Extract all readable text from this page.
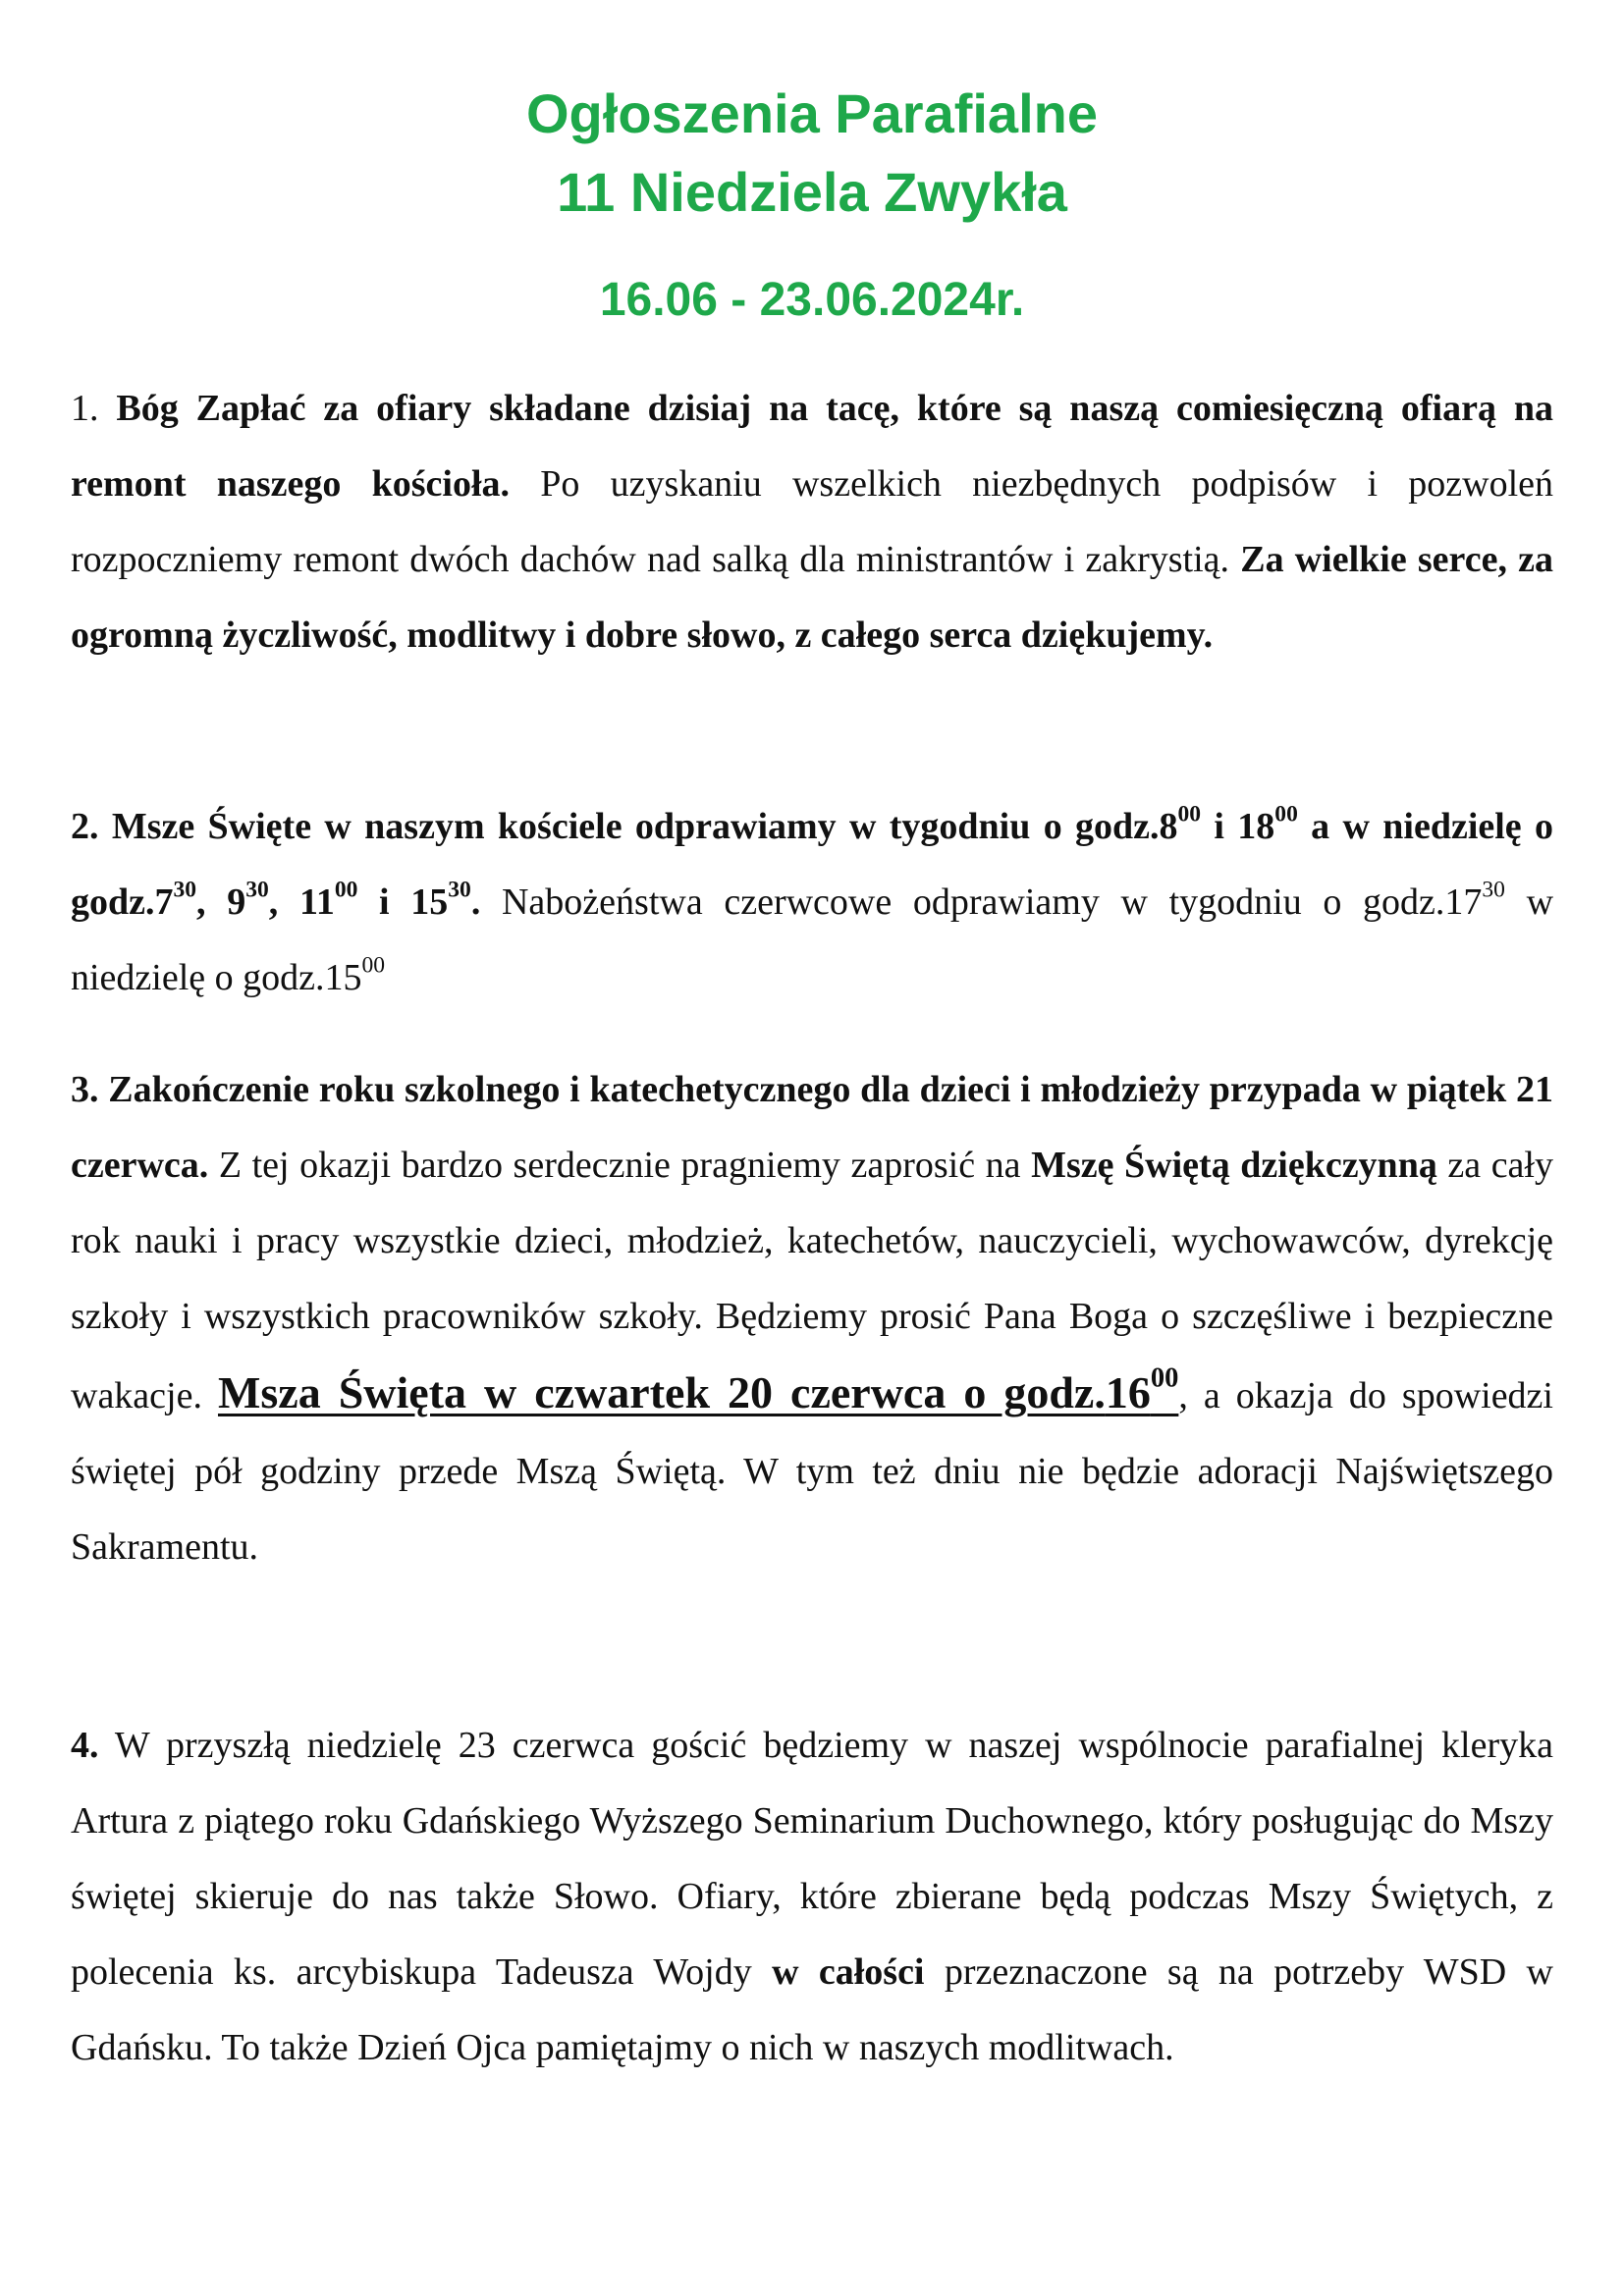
Ogłoszenia Parafialne
11 Niedziela Zwykła
16.06 - 23.06.2024r.
1. Bóg Zapłać za ofiary składane dzisiaj na tacę, które są naszą comiesięczną ofiarą na remont naszego kościoła. Po uzyskaniu wszelkich niezbędnych podpisów i pozwoleń rozpoczniemy remont dwóch dachów nad salką dla ministrantów i zakrystią. Za wielkie serce, za ogromną życzliwość, modlitwy i dobre słowo, z całego serca dziękujemy.
2. Msze Święte w naszym kościele odprawiamy w tygodniu o $godz.8^{00}$ i $18^{00}$ a w niedzielę o $godz.7^{30}$, $9^{30}$, $11^{00}$ i $15^{30}$. Nabożeństwa czerwcowe odprawiamy w tygodniu o $godz.17^{30}$ w niedzielę o $godz.15^{00}$
3. Zakończenie roku szkolnego i katechetycznego dla dzieci i młodzieży przypada w piątek 21 czerwca. Z tej okazji bardzo serdecznie pragniemy zaprosić na Mszę Świętą dziękczynną za cały rok nauki i pracy wszystkie dzieci, młodzież, katechetów, nauczycieli, wychowawców, dyrekcję szkoły i wszystkich pracowników szkoły. Będziemy prosić Pana Boga o szczęśliwe i bezpieczne wakacje. Msza Święta w czwartek 20 czerwca o $godz.16^{00}$, a okazja do spowiedzi świętej pół godziny przede Mszą Świętą. W tym też dniu nie będzie adoracji Najświętszego Sakramentu.
4. W przyszłą niedzielę 23 czerwca gościć będziemy w naszej wspólnocie parafialnej kleryka Artura z piątego roku Gdańskiego Wyższego Seminarium Duchownego, który posługując do Mszy świętej skieruje do nas także Słowo. Ofiary, które zbierane będą podczas Mszy Świętych, z polecenia ks. arcybiskupa Tadeusza Wojdy w całości przeznaczone są na potrzeby WSD w Gdańsku. To także Dzień Ojca pamiętajmy o nich w naszych modlitwach.
